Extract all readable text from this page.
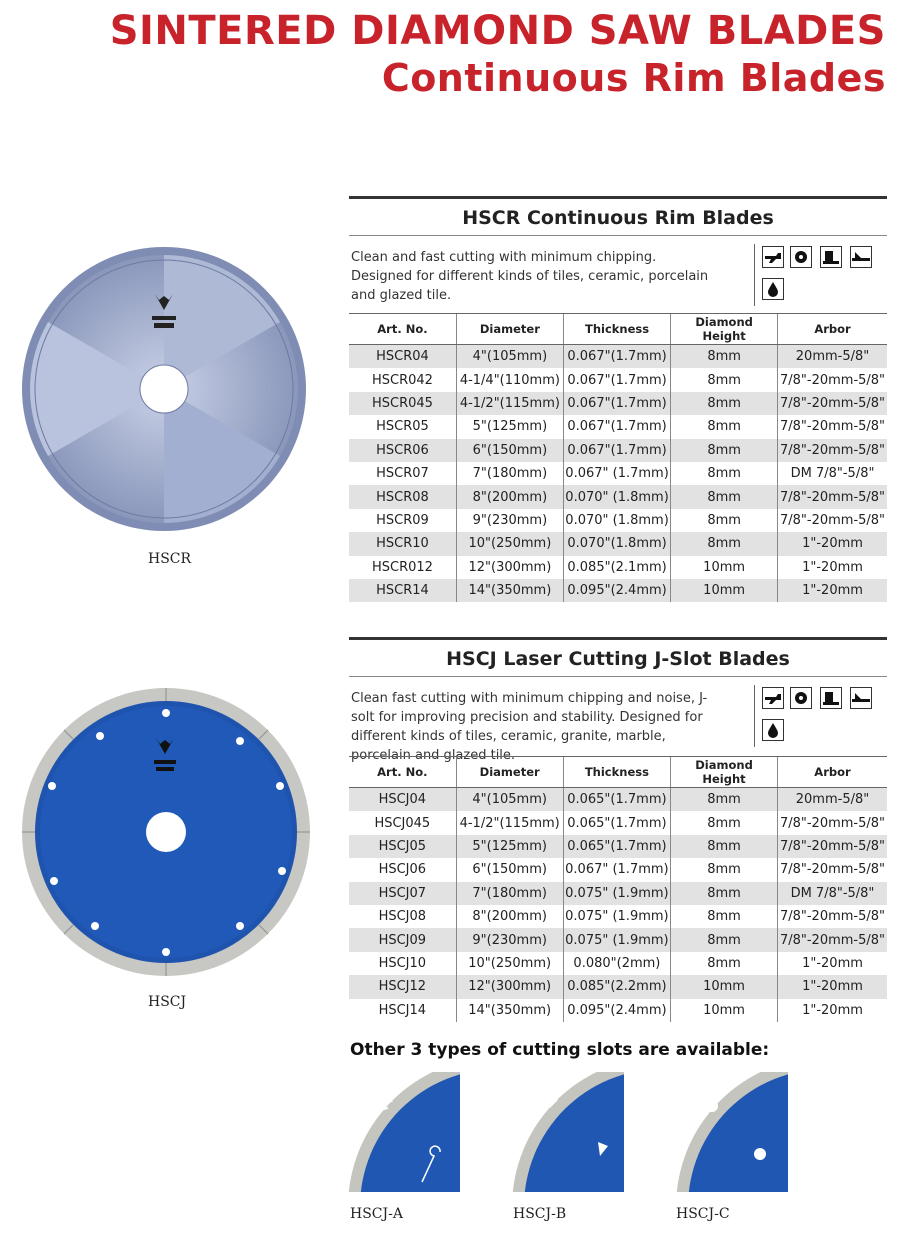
SINTERED DIAMOND SAW BLADES
Continuous Rim Blades
HSCR
HSCR Continuous Rim Blades
Clean and fast cutting with minimum chipping. Designed for different kinds of tiles, ceramic, porcelain and glazed tile.
Art. No.	Diameter	Thickness	Diamond Height	Arbor
HSCR04	4"(105mm)	0.067"(1.7mm)	8mm	20mm-5/8"
HSCR042	4-1/4"(110mm)	0.067"(1.7mm)	8mm	7/8"-20mm-5/8"
HSCR045	4-1/2"(115mm)	0.067"(1.7mm)	8mm	7/8"-20mm-5/8"
HSCR05	5"(125mm)	0.067"(1.7mm)	8mm	7/8"-20mm-5/8"
HSCR06	6"(150mm)	0.067"(1.7mm)	8mm	7/8"-20mm-5/8"
HSCR07	7"(180mm)	0.067" (1.7mm)	8mm	DM 7/8"-5/8"
HSCR08	8"(200mm)	0.070" (1.8mm)	8mm	7/8"-20mm-5/8"
HSCR09	9"(230mm)	0.070" (1.8mm)	8mm	7/8"-20mm-5/8"
HSCR10	10"(250mm)	0.070"(1.8mm)	8mm	1"-20mm
HSCR012	12"(300mm)	0.085"(2.1mm)	10mm	1"-20mm
HSCR14	14"(350mm)	0.095"(2.4mm)	10mm	1"-20mm
HSCJ
HSCJ Laser Cutting J-Slot Blades
Clean fast cutting with minimum chipping and noise, J-solt for improving precision and stability. Designed for different kinds of tiles, ceramic, granite, marble, porcelain and glazed tile.
Art. No.	Diameter	Thickness	Diamond Height	Arbor
HSCJ04	4"(105mm)	0.065"(1.7mm)	8mm	20mm-5/8"
HSCJ045	4-1/2"(115mm)	0.065"(1.7mm)	8mm	7/8"-20mm-5/8"
HSCJ05	5"(125mm)	0.065"(1.7mm)	8mm	7/8"-20mm-5/8"
HSCJ06	6"(150mm)	0.067" (1.7mm)	8mm	7/8"-20mm-5/8"
HSCJ07	7"(180mm)	0.075" (1.9mm)	8mm	DM 7/8"-5/8"
HSCJ08	8"(200mm)	0.075" (1.9mm)	8mm	7/8"-20mm-5/8"
HSCJ09	9"(230mm)	0.075" (1.9mm)	8mm	7/8"-20mm-5/8"
HSCJ10	10"(250mm)	0.080"(2mm)	8mm	1"-20mm
HSCJ12	12"(300mm)	0.085"(2.2mm)	10mm	1"-20mm
HSCJ14	14"(350mm)	0.095"(2.4mm)	10mm	1"-20mm
Other 3 types of cutting slots are available:
HSCJ-A	HSCJ-B	HSCJ-C
